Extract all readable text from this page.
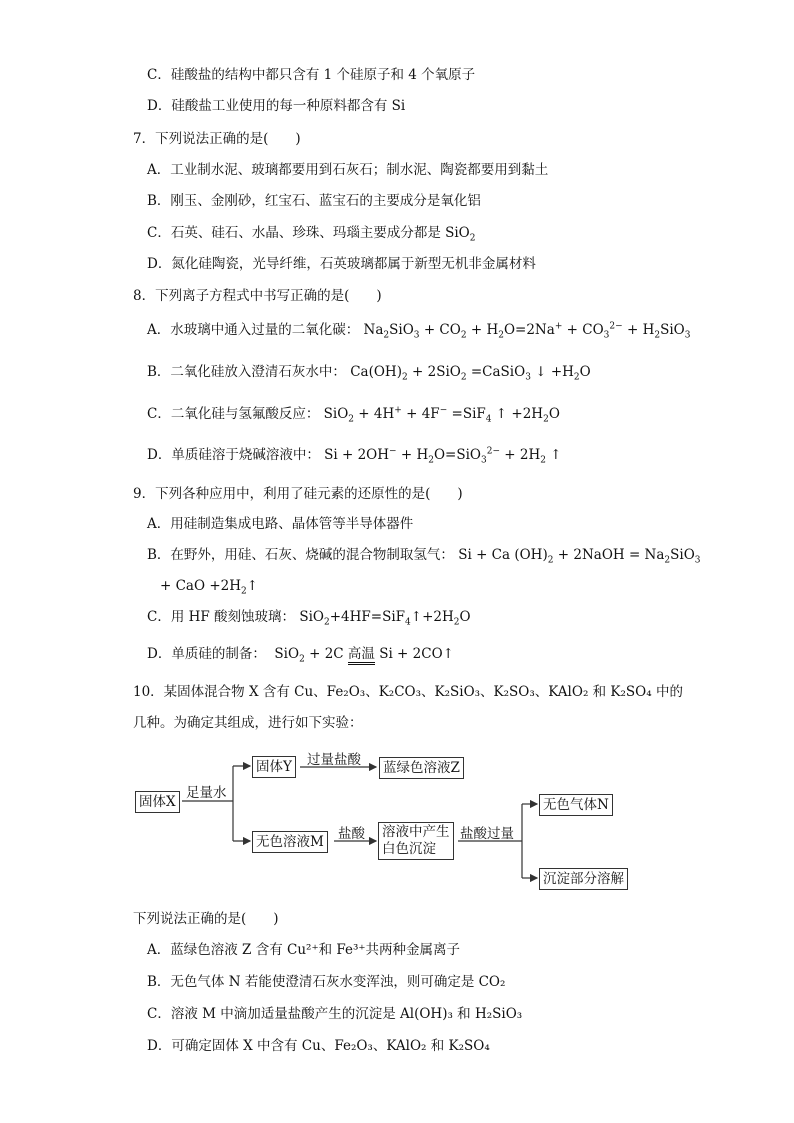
C．硅酸盐的结构中都只含有 1 个硅原子和 4 个氧原子
D．硅酸盐工业使用的每一种原料都含有 Si
7．下列说法正确的是(　　)
A．工业制水泥、玻璃都要用到石灰石；制水泥、陶瓷都要用到黏土
B．刚玉、金刚砂，红宝石、蓝宝石的主要成分是氧化铝
C．石英、硅石、水晶、珍珠、玛瑙主要成分都是 SiO$_2$
D．氮化硅陶瓷，光导纤维，石英玻璃都属于新型无机非金属材料
8．下列离子方程式中书写正确的是(　　)
A．水玻璃中通入过量的二氧化碳： $Na_2SiO_3 + CO_2 + H_2O=2Na^+ + CO_3^{2-} + H_2SiO_3$
B．二氧化硅放入澄清石灰水中： $Ca(OH)_2 + 2SiO_2$ =CaSiO$_3$ ↓ $+H_2O$
C．二氧化硅与氢氟酸反应： SiO$_2$ + 4H+ + 4F− =SiF$_4$ ↑ $+2H_2O$
D．单质硅溶于烧碱溶液中： $Si + 2OH^- + H_2O=SiO_3^{2-} + 2H_2$ ↑
9．下列各种应用中，利用了硅元素的还原性的是(　　)
A．用硅制造集成电路、晶体管等半导体器件
B．在野外，用硅、石灰、烧碱的混合物制取氢气： Si + Ca $(OH)_2$ + 2NaOH = $Na_2SiO_3$
+ CaO $+2H_2↑$
C．用 HF 酸刻蚀玻璃： $SiO_2+4HF=SiF_4↑+2H_2O$
D．单质硅的制备：  SiO$_2$ + 2C 高温 Si + 2CO↑
10．某固体混合物 X 含有 Cu、Fe₂O₃、K₂CO₃、K₂SiO₃、K₂SO₃、KAlO₂ 和 K₂SO₄ 中的
几种。为确定其组成，进行如下实验：
固体X
足量水
固体Y 过量盐酸 蓝绿色溶液Z
无色溶液M 盐酸 溶液中产生
白色沉淀
盐酸过量
无色气体N
沉淀部分溶解
下列说法正确的是(　　)
A．蓝绿色溶液 Z 含有 Cu²⁺和 Fe³⁺共两种金属离子
B．无色气体 N 若能使澄清石灰水变浑浊，则可确定是 CO₂
C．溶液 M 中滴加适量盐酸产生的沉淀是 Al(OH)₃ 和 H₂SiO₃
D．可确定固体 X 中含有 Cu、Fe₂O₃、KAlO₂ 和 K₂SO₄
